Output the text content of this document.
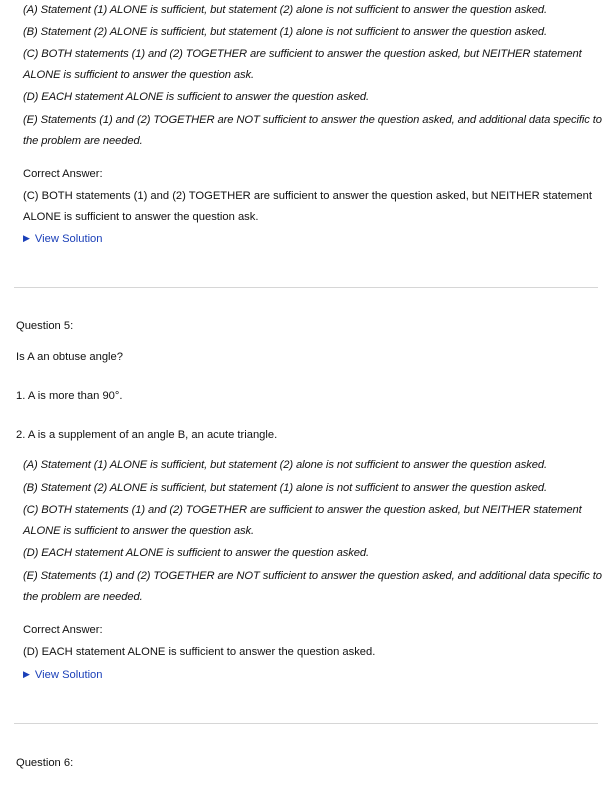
(A) Statement (1) ALONE is sufficient, but statement (2) alone is not sufficient to answer the question asked.
(B) Statement (2) ALONE is sufficient, but statement (1) alone is not sufficient to answer the question asked.
(C) BOTH statements (1) and (2) TOGETHER are sufficient to answer the question asked, but NEITHER statement ALONE is sufficient to answer the question ask.
(D) EACH statement ALONE is sufficient to answer the question asked.
(E) Statements (1) and (2) TOGETHER are NOT sufficient to answer the question asked, and additional data specific to the problem are needed.
Correct Answer:
(C) BOTH statements (1) and (2) TOGETHER are sufficient to answer the question asked, but NEITHER statement ALONE is sufficient to answer the question ask.
▶ View Solution
Question 5:
Is A an obtuse angle?
1. A is more than 90°.
2. A is a supplement of an angle B, an acute triangle.
(A) Statement (1) ALONE is sufficient, but statement (2) alone is not sufficient to answer the question asked.
(B) Statement (2) ALONE is sufficient, but statement (1) alone is not sufficient to answer the question asked.
(C) BOTH statements (1) and (2) TOGETHER are sufficient to answer the question asked, but NEITHER statement ALONE is sufficient to answer the question ask.
(D) EACH statement ALONE is sufficient to answer the question asked.
(E) Statements (1) and (2) TOGETHER are NOT sufficient to answer the question asked, and additional data specific to the problem are needed.
Correct Answer:
(D) EACH statement ALONE is sufficient to answer the question asked.
▶ View Solution
Question 6:
